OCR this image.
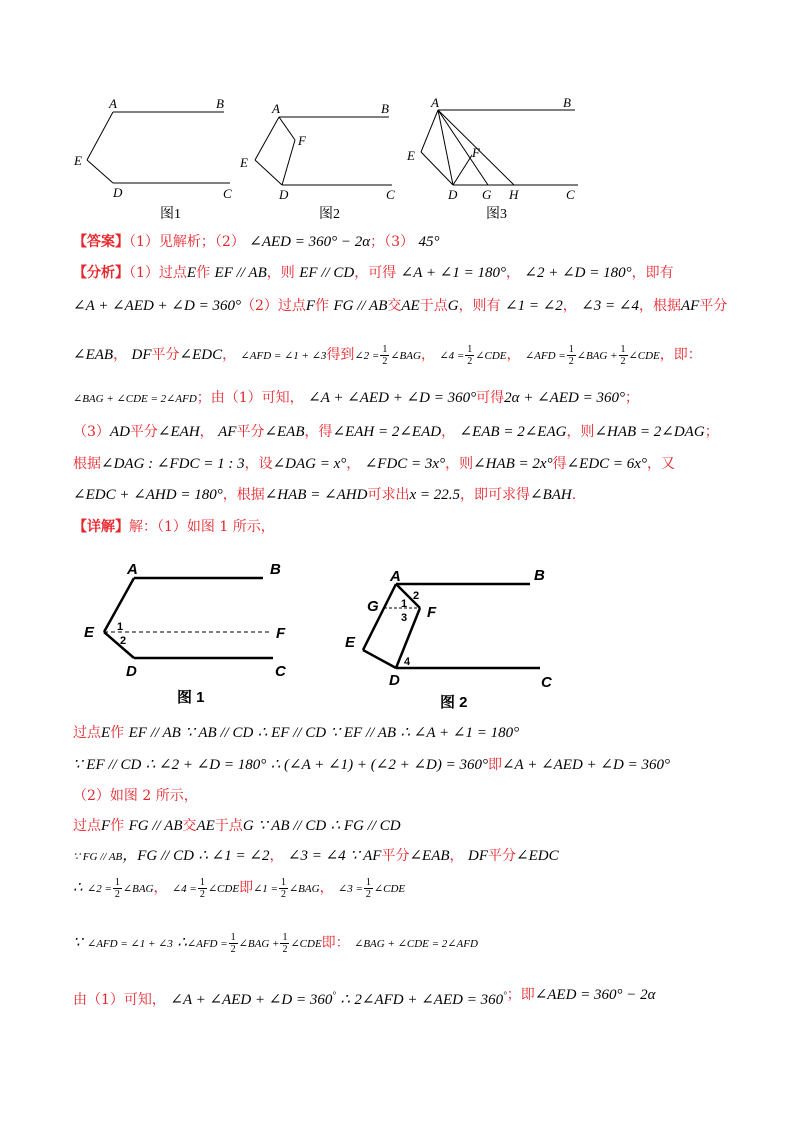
A	B
E
D	C
图1
A	B
F
E
D	C
图2
A	B
E	F
D G H	C
图3
【答案】（1）见解析；（2） ∠AED = 360° − 2α；（3） 45°
【分析】（1）过点E作 EF // AB，则 EF // CD，可得 ∠A + ∠1 = 180°， ∠2 + ∠D = 180°，即有
∠A + ∠AED + ∠D = 360°（2）过点F作 FG // AB交AE于点G，则有 ∠1 = ∠2， ∠3 = ∠4，根据AF平分
∠EAB， DF平分∠EDC， ∠AFD = ∠1 + ∠3得到∠2 = $\frac{1}{2}$ ∠BAG， ∠4 = $\frac{1}{2}$ ∠CDE， ∠AFD = $\frac{1}{2}$ ∠BAG + $\frac{1}{2}$ ∠CDE，即：
∠BAG + ∠CDE = 2∠AFD；由（1）可知， ∠A + ∠AED + ∠D = 360°可得2α + ∠AED = 360°；
（3）AD平分∠EAH， AF平分∠EAB，得∠EAH = 2∠EAD， ∠EAB = 2∠EAG，则∠HAB = 2∠DAG；
根据∠DAG : ∠FDC = 1 : 3，设∠DAG = x°， ∠FDC = 3x°，则∠HAB = 2x°得∠EDC = 6x°，又
∠EDC + ∠AHD = 180°，根据∠HAB = ∠AHD可求出x = 22.5，即可求得∠BAH.
【详解】解：（1）如图 1 所示，
A	B
E 1
2	F
D	C
图 1
A	B
2
G 1
3 F
E
4
D	C
图 2
过点E作 EF // AB ∵ AB // CD ∴ EF // CD ∵ EF // AB ∴ ∠A + ∠1 = 180°
∵ EF // CD ∴ ∠2 + ∠D = 180° ∴ (∠A + ∠1) + (∠2 + ∠D) = 360°即∠A + ∠AED + ∠D = 360°
（2）如图 2 所示，
过点F作 FG // AB交AE于点G ∵ AB // CD ∴ FG // CD
∵ FG // AB，FG // CD ∴ ∠1 = ∠2， ∠3 = ∠4 ∵ AF平分∠EAB， DF平分∠EDC
∴ ∠2 = $\frac{1}{2}$ ∠BAG， ∠4 = $\frac{1}{2}$ ∠CDE即∠1 = $\frac{1}{2}$ ∠BAG， ∠3 = $\frac{1}{2}$ ∠CDE
∵ ∠AFD = ∠1 + ∠3 ∴∠AFD = $\frac{1}{2}$ ∠BAG + $\frac{1}{2}$ ∠CDE即： ∠BAG + ∠CDE = 2∠AFD
由（1）可知， ∠A + ∠AED + ∠D = 360° ∴ 2∠AFD + ∠AED = 360°；即∠AED = 360° − 2α
